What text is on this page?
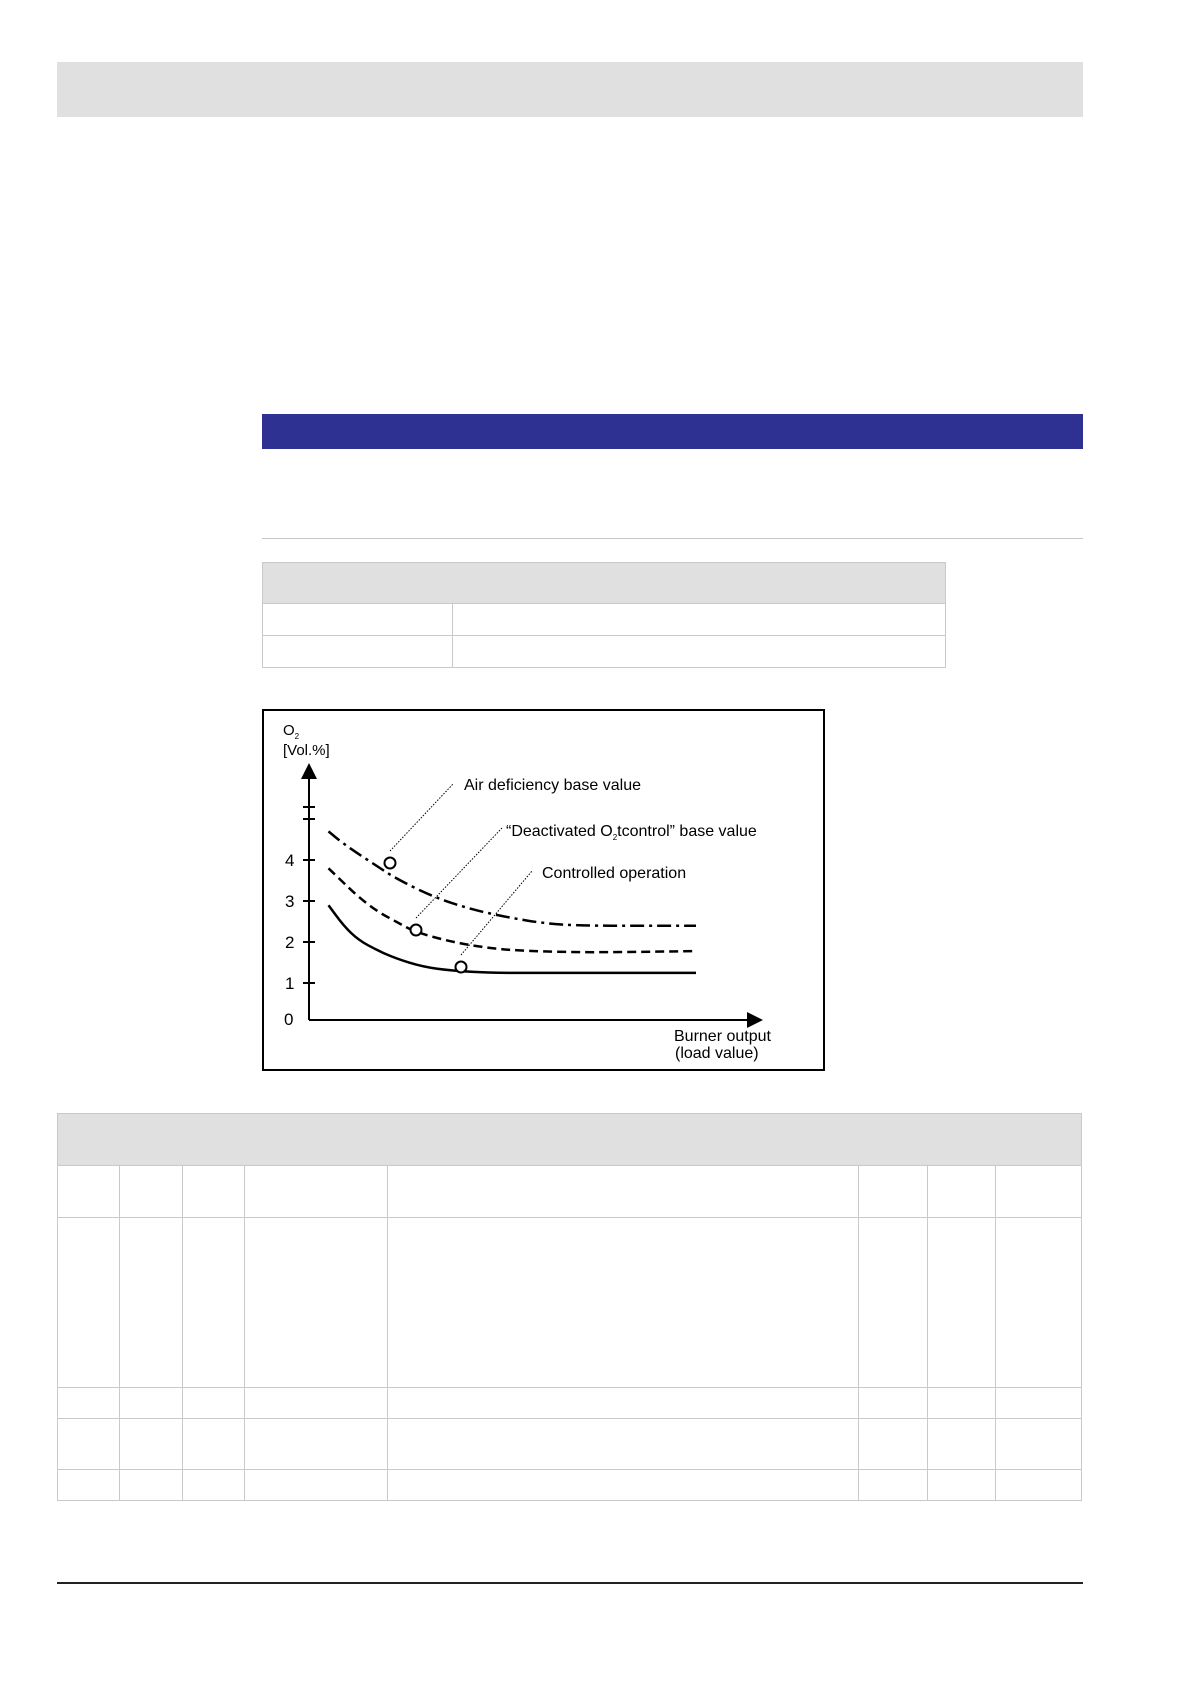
0
1
2
3
4
$O_2$
[Vol.%]
Burner output
(load value)
Air deficiency base value
“Deactivated $O_2tcontrol$” base value
Controlled operation
